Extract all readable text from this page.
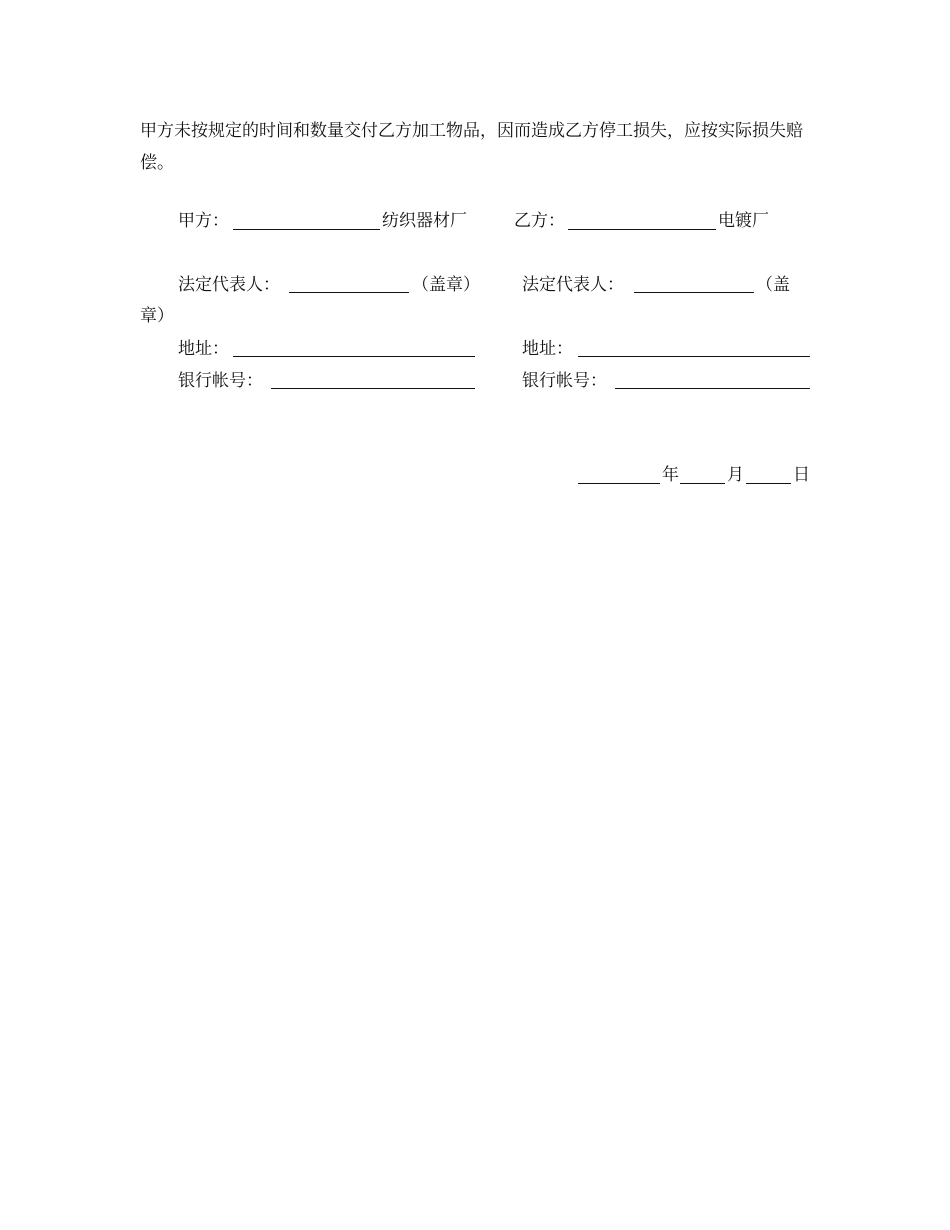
甲方未按规定的时间和数量交付乙方加工物品，因而造成乙方停工损失，应按实际损失赔偿。
甲方：	纺织器材厂	乙方：	电镀厂
法定代表人：	（盖章） 法定代表人：	（盖
章）
地址：	地址：
银行帐号：	银行帐号：
年	月	日
